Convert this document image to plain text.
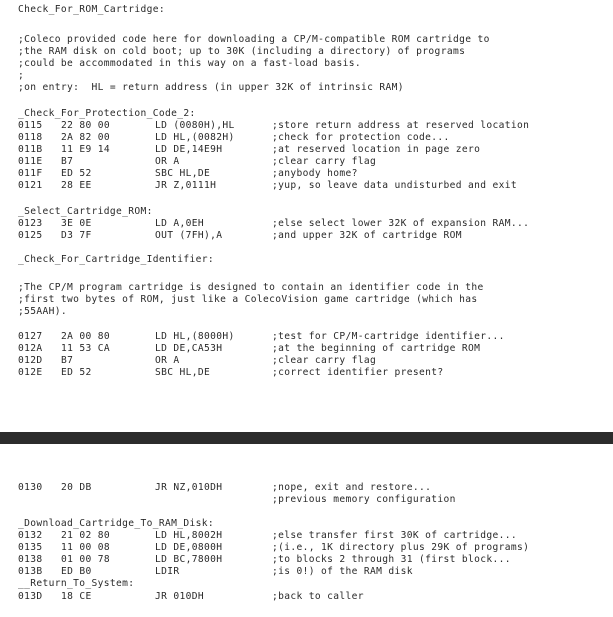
Check_For_ROM_Cartridge:
;Coleco provided code here for downloading a CP/M-compatible ROM cartridge to
;the RAM disk on cold boot; up to 30K (including a directory) of programs
;could be accommodated in this way on a fast-load basis.
;
;on entry:  HL = return address (in upper 32K of intrinsic RAM)
_Check_For_Protection_Code_2:
0115 22 80 00	LD (0080H),HL	;store return address at reserved location
0118 2A 82 00	LD HL,(0082H)	;check for protection code...
011B 11 E9 14	LD DE,14E9H	;at reserved location in page zero
011E B7	OR A	;clear carry flag
011F ED 52	SBC HL,DE	;anybody home?
0121 28 EE	JR Z,0111H	;yup, so leave data undisturbed and exit
_Select_Cartridge_ROM:
0123 3E 0E	LD A,0EH	;else select lower 32K of expansion RAM...
0125 D3 7F	OUT (7FH),A	;and upper 32K of cartridge ROM
_Check_For_Cartridge_Identifier:
;The CP/M program cartridge is designed to contain an identifier code in the
;first two bytes of ROM, just like a ColecoVision game cartridge (which has
;55AAH).
0127 2A 00 80	LD HL,(8000H)	;test for CP/M-cartridge identifier...
012A 11 53 CA	LD DE,CA53H	;at the beginning of cartridge ROM
012D B7	OR A	;clear carry flag
012E ED 52	SBC HL,DE	;correct identifier present?
0130 20 DB	JR NZ,010DH	;nope, exit and restore...
;previous memory configuration
_Download_Cartridge_To_RAM_Disk:
0132 21 02 80	LD HL,8002H	;else transfer first 30K of cartridge...
0135 11 00 08	LD DE,0800H	;(i.e., 1K directory plus 29K of programs)
0138 01 00 78	LD BC,7800H	;to blocks 2 through 31 (first block...
013B ED B0	LDIR	;is 0!) of the RAM disk
__Return_To_System:
013D 18 CE	JR 010DH	;back to caller
